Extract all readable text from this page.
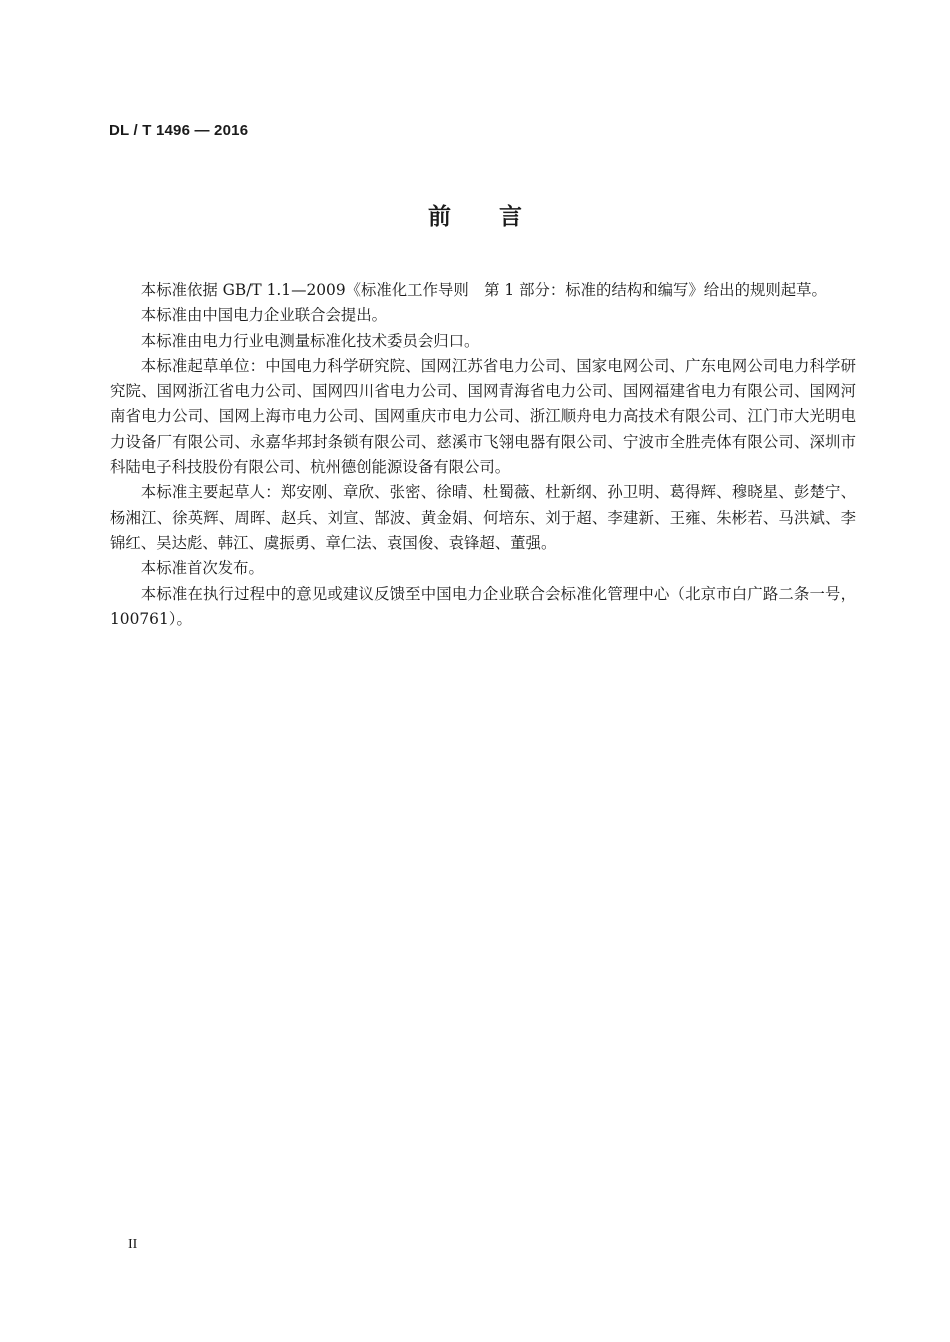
DL / T 1496 — 2016
前言

本标准依据 GB/T 1.1—2009《标准化工作导则　第 1 部分：标准的结构和编写》给出的规则起草。

本标准由中国电力企业联合会提出。

本标准由电力行业电测量标准化技术委员会归口。

本标准起草单位：中国电力科学研究院、国网江苏省电力公司、国家电网公司、广东电网公司电力科学研究院、国网浙江省电力公司、国网四川省电力公司、国网青海省电力公司、国网福建省电力有限公司、国网河南省电力公司、国网上海市电力公司、国网重庆市电力公司、浙江顺舟电力高技术有限公司、江门市大光明电力设备厂有限公司、永嘉华邦封条锁有限公司、慈溪市飞翎电器有限公司、宁波市全胜壳体有限公司、深圳市科陆电子科技股份有限公司、杭州德创能源设备有限公司。

本标准主要起草人：郑安刚、章欣、张密、徐晴、杜蜀薇、杜新纲、孙卫明、葛得辉、穆晓星、彭楚宁、杨湘江、徐英辉、周晖、赵兵、刘宣、郜波、黄金娟、何培东、刘于超、李建新、王雍、朱彬若、马洪斌、李锦红、吴达彪、韩江、虞振勇、章仁法、袁国俊、袁锋超、董强。

本标准首次发布。

本标准在执行过程中的意见或建议反馈至中国电力企业联合会标准化管理中心（北京市白广路二条一号，100761）。

II
